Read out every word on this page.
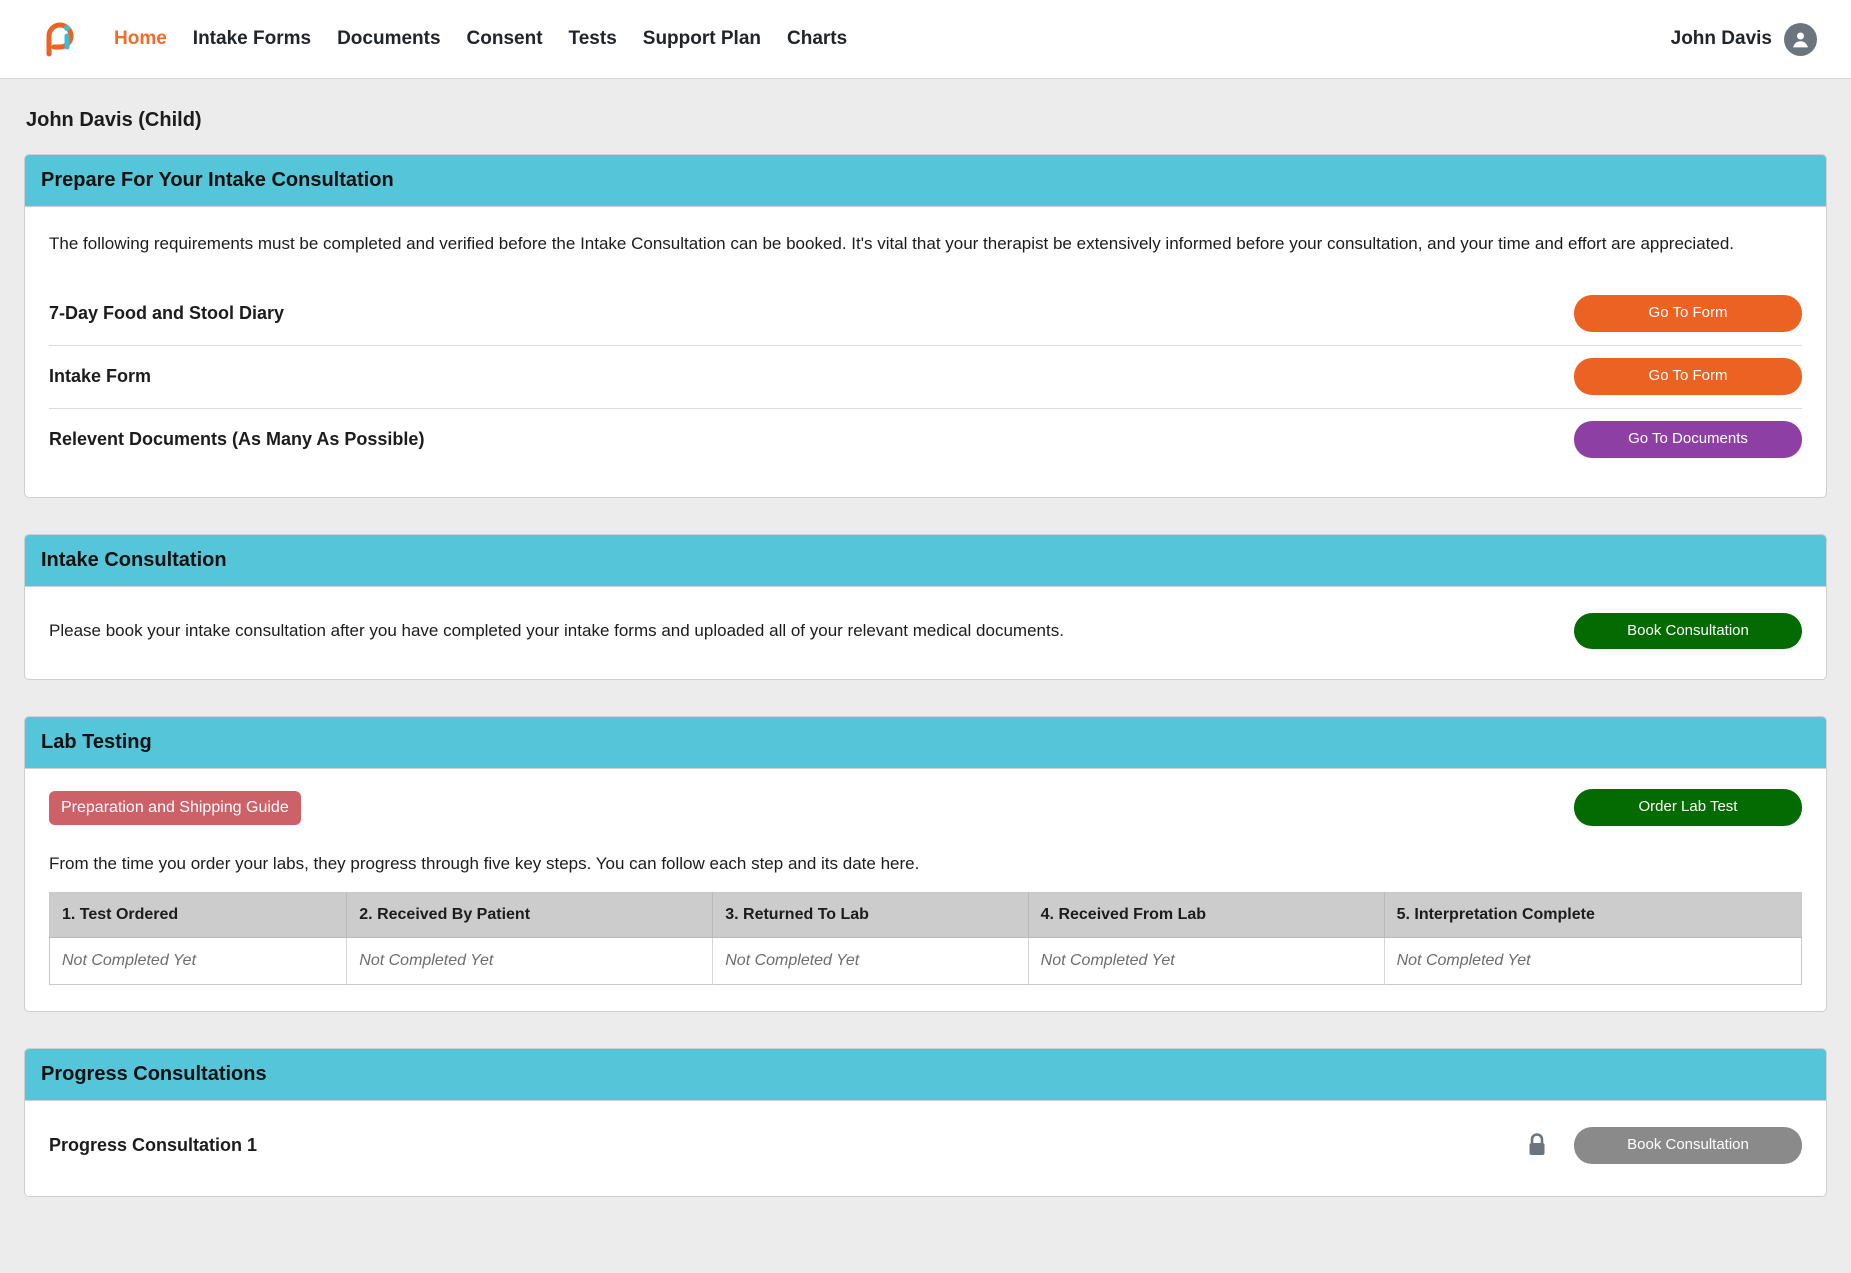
Home Intake Forms Documents Consent Tests Support Plan Charts	John Davis
John Davis (Child)
Prepare For Your Intake Consultation

The following requirements must be completed and verified before the Intake Consultation can be booked. It's vital that your therapist be extensively informed before your consultation, and your time and effort are appreciated.

7-Day Food and Stool Diary	Go To Form
Intake Form	Go To Form
Relevent Documents (As Many As Possible)	Go To Documents
Intake Consultation
Please book your intake consultation after you have completed your intake forms and uploaded all of your relevant medical documents.	Book Consultation
Lab Testing
Preparation and Shipping Guide	Order Lab Test

From the time you order your labs, they progress through five key steps. You can follow each step and its date here.

1. Test Ordered	2. Received By Patient	3. Returned To Lab	4. Received From Lab	5. Interpretation Complete
Not Completed Yet	Not Completed Yet	Not Completed Yet	Not Completed Yet	Not Completed Yet
Progress Consultations
Progress Consultation 1	Book Consultation
